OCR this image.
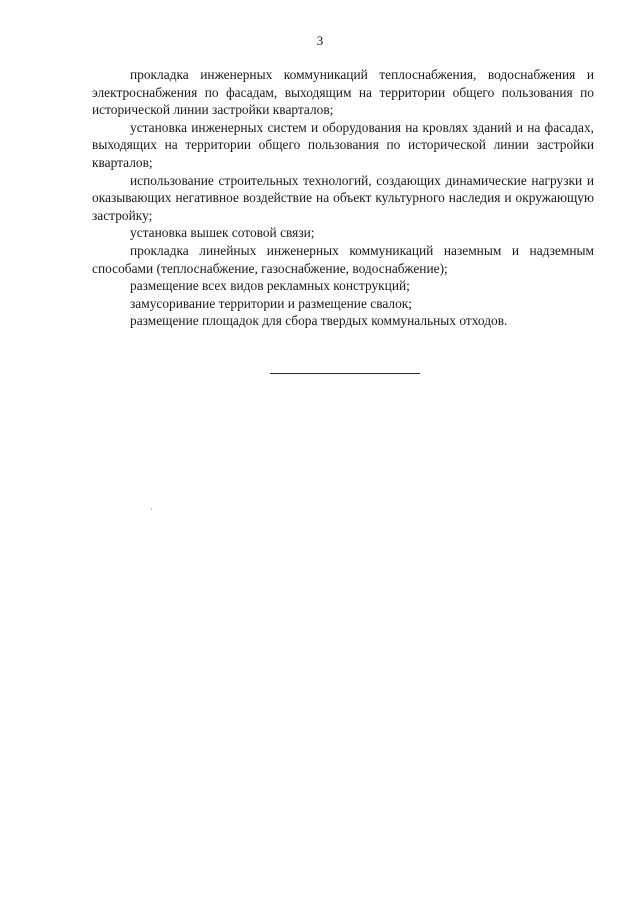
3

прокладка инженерных коммуникаций теплоснабжения, водоснабжения и электроснабжения по фасадам, выходящим на территории общего пользования по исторической линии застройки кварталов;

установка инженерных систем и оборудования на кровлях зданий и на фасадах, выходящих на территории общего пользования по исторической линии застройки кварталов;

использование строительных технологий, создающих динамические нагрузки и оказывающих негативное воздействие на объект культурного наследия и окружающую застройку;

установка вышек сотовой связи;

прокладка линейных инженерных коммуникаций наземным и надземным способами (теплоснабжение, газоснабжение, водоснабжение);

размещение всех видов рекламных конструкций;

замусоривание территории и размещение свалок;

размещение площадок для сбора твердых коммунальных отходов.
